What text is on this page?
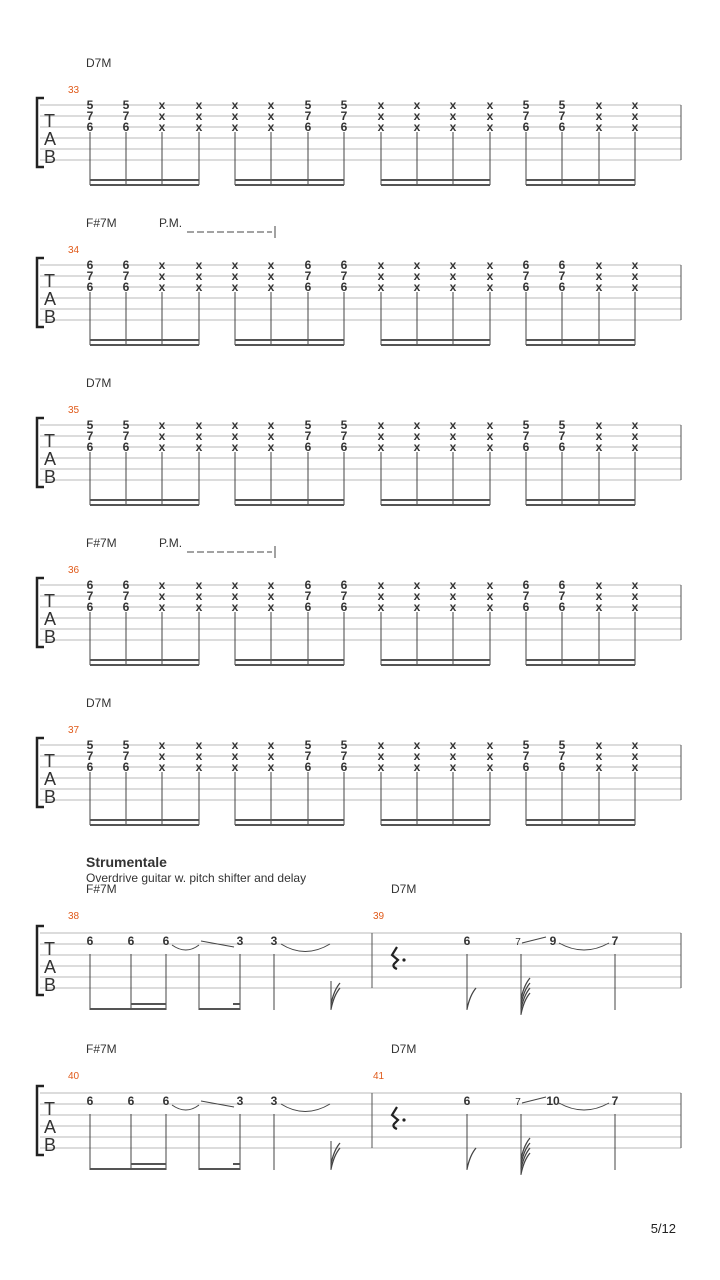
T
A
B
D7M
33
5
7
6
5
7
6
x
x
x
x
x
x
x
x
x
x
x
x
5
7
6
5
7
6
x
x
x
x
x
x
x
x
x
x
x
x
5
7
6
5
7
6
x
x
x
x
x
x
T
A
B
F#7M
34
P.M.
6
7
6
6
7
6
x
x
x
x
x
x
x
x
x
x
x
x
6
7
6
6
7
6
x
x
x
x
x
x
x
x
x
x
x
x
6
7
6
6
7
6
x
x
x
x
x
x
T
A
B
D7M
35
5
7
6
5
7
6
x
x
x
x
x
x
x
x
x
x
x
x
5
7
6
5
7
6
x
x
x
x
x
x
x
x
x
x
x
x
5
7
6
5
7
6
x
x
x
x
x
x
T
A
B
F#7M
36
P.M.
6
7
6
6
7
6
x
x
x
x
x
x
x
x
x
x
x
x
6
7
6
6
7
6
x
x
x
x
x
x
x
x
x
x
x
x
6
7
6
6
7
6
x
x
x
x
x
x
T
A
B
D7M
37
5
7
6
5
7
6
x
x
x
x
x
x
x
x
x
x
x
x
5
7
6
5
7
6
x
x
x
x
x
x
x
x
x
x
x
x
5
7
6
5
7
6
x
x
x
x
x
x
Strumentale
Overdrive guitar w. pitch shifter and delay
T
A
B
F#7M
38
6	6 6	3 3
D7M
39
6	7 9	7
T
A
B
F#7M
40
6	6 6	3 3
D7M
41
6	7 10	7
5/12
